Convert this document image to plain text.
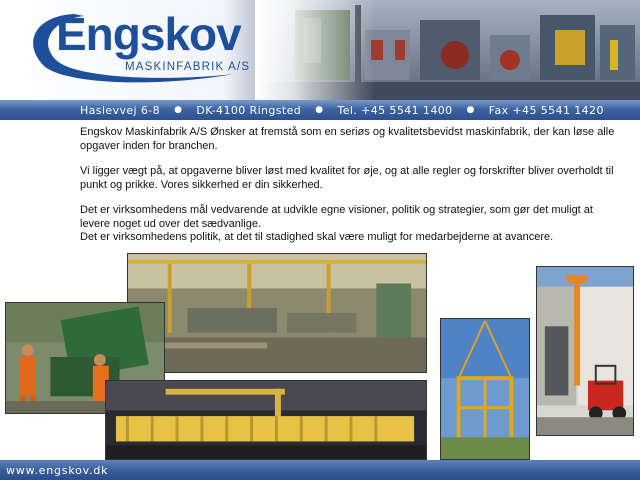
Engskov
MASKINFABRIK A/S
Haslevvej 6-8 ● DK-4100 Ringsted ● Tel. +45 5541 1400 ● Fax +45 5541 1420

Engskov Maskinfabrik A/S Ønsker at fremstå som en seriøs og kvalitetsbevidst maskinfabrik, der kan løse alle opgaver inden for branchen.

Vi ligger vægt på, at opgaverne bliver løst med kvalitet for øje, og at alle regler og forskrifter bliver overholdt til punkt og prikke. Vores sikkerhed er din sikkerhed.

Det er virksomhedens mål vedvarende at udvikle egne visioner, politik og strategier, som gør det muligt at levere noget ud over det sædvanlige.

Det er virksomhedens politik, at det til stadighed skal være muligt for medarbejderne at avancere.

www.engskov.dk
